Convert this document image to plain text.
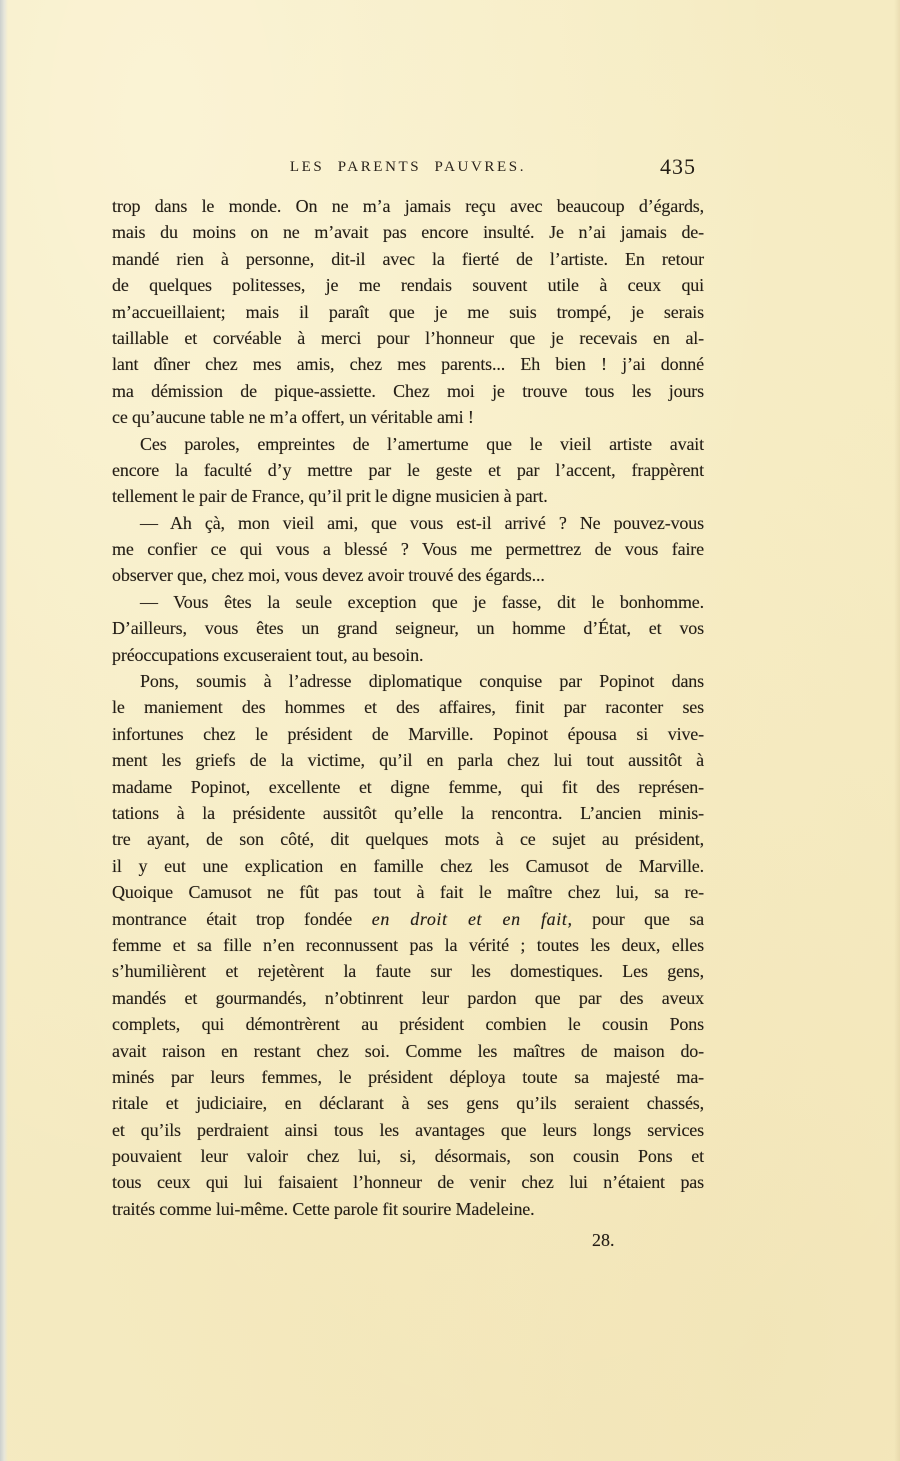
LES PARENTS PAUVRES.	435
trop dans le monde. On ne m’a jamais reçu avec beaucoup d’égards,
mais du moins on ne m’avait pas encore insulté. Je n’ai jamais de-
mandé rien à personne, dit-il avec la fierté de l’artiste. En retour
de quelques politesses, je me rendais souvent utile à ceux qui
m’accueillaient; mais il paraît que je me suis trompé, je serais
taillable et corvéable à merci pour l’honneur que je recevais en al-
lant dîner chez mes amis, chez mes parents... Eh bien ! j’ai donné
ma démission de pique-assiette. Chez moi je trouve tous les jours
ce qu’aucune table ne m’a offert, un véritable ami !
Ces paroles, empreintes de l’amertume que le vieil artiste avait
encore la faculté d’y mettre par le geste et par l’accent, frappèrent
tellement le pair de France, qu’il prit le digne musicien à part.
— Ah çà, mon vieil ami, que vous est-il arrivé ? Ne pouvez-vous
me confier ce qui vous a blessé ? Vous me permettrez de vous faire
observer que, chez moi, vous devez avoir trouvé des égards...
— Vous êtes la seule exception que je fasse, dit le bonhomme.
D’ailleurs, vous êtes un grand seigneur, un homme d’État, et vos
préoccupations excuseraient tout, au besoin.
Pons, soumis à l’adresse diplomatique conquise par Popinot dans
le maniement des hommes et des affaires, finit par raconter ses
infortunes chez le président de Marville. Popinot épousa si vive-
ment les griefs de la victime, qu’il en parla chez lui tout aussitôt à
madame Popinot, excellente et digne femme, qui fit des représen-
tations à la présidente aussitôt qu’elle la rencontra. L’ancien minis-
tre ayant, de son côté, dit quelques mots à ce sujet au président,
il y eut une explication en famille chez les Camusot de Marville.
Quoique Camusot ne fût pas tout à fait le maître chez lui, sa re-
montrance était trop fondée en droit et en fait, pour que sa
femme et sa fille n’en reconnussent pas la vérité ; toutes les deux, elles
s’humilièrent et rejetèrent la faute sur les domestiques. Les gens,
mandés et gourmandés, n’obtinrent leur pardon que par des aveux
complets, qui démontrèrent au président combien le cousin Pons
avait raison en restant chez soi. Comme les maîtres de maison do-
minés par leurs femmes, le président déploya toute sa majesté ma-
ritale et judiciaire, en déclarant à ses gens qu’ils seraient chassés,
et qu’ils perdraient ainsi tous les avantages que leurs longs services
pouvaient leur valoir chez lui, si, désormais, son cousin Pons et
tous ceux qui lui faisaient l’honneur de venir chez lui n’étaient pas
traités comme lui-même. Cette parole fit sourire Madeleine.
28.
